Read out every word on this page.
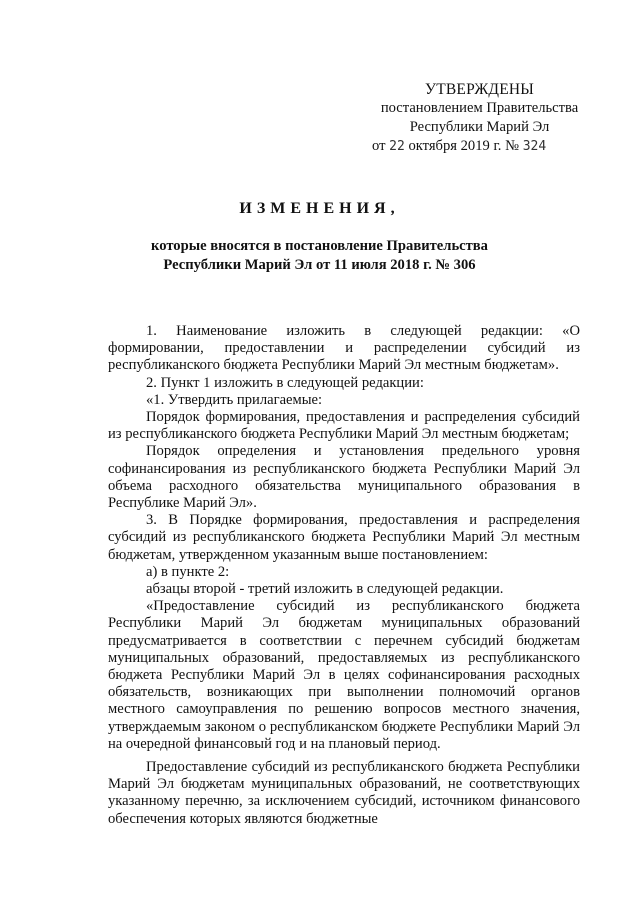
УТВЕРЖДЕНЫ
постановлением Правительства
Республики Марий Эл
от 22 октября 2019 г. № 324
ИЗМЕНЕНИЯ,
которые вносятся в постановление Правительства
Республики Марий Эл от 11 июля 2018 г. № 306

1. Наименование изложить в следующей редакции: «О формировании, предоставлении и распределении субсидий из республиканского бюджета Республики Марий Эл местным бюджетам».

2. Пункт 1 изложить в следующей редакции:

«1. Утвердить прилагаемые:

Порядок формирования, предоставления и распределения субсидий из республиканского бюджета Республики Марий Эл местным бюджетам;

Порядок определения и установления предельного уровня софинансирования из республиканского бюджета Республики Марий Эл объема расходного обязательства муниципального образования в Республике Марий Эл».

3. В Порядке формирования, предоставления и распределения субсидий из республиканского бюджета Республики Марий Эл местным бюджетам, утвержденном указанным выше постановлением:

а) в пункте 2:

абзацы второй - третий изложить в следующей редакции.

«Предоставление субсидий из республиканского бюджета Республики Марий Эл бюджетам муниципальных образований предусматривается в соответствии с перечнем субсидий бюджетам муниципальных образований, предоставляемых из республиканского бюджета Республики Марий Эл в целях софинансирования расходных обязательств, возникающих при выполнении полномочий органов местного самоуправления по решению вопросов местного значения, утверждаемым законом о республиканском бюджете Республики Марий Эл на очередной финансовый год и на плановый период.

Предоставление субсидий из республиканского бюджета Республики Марий Эл бюджетам муниципальных образований, не соответствующих указанному перечню, за исключением субсидий, источником финансового обеспечения которых являются бюджетные
